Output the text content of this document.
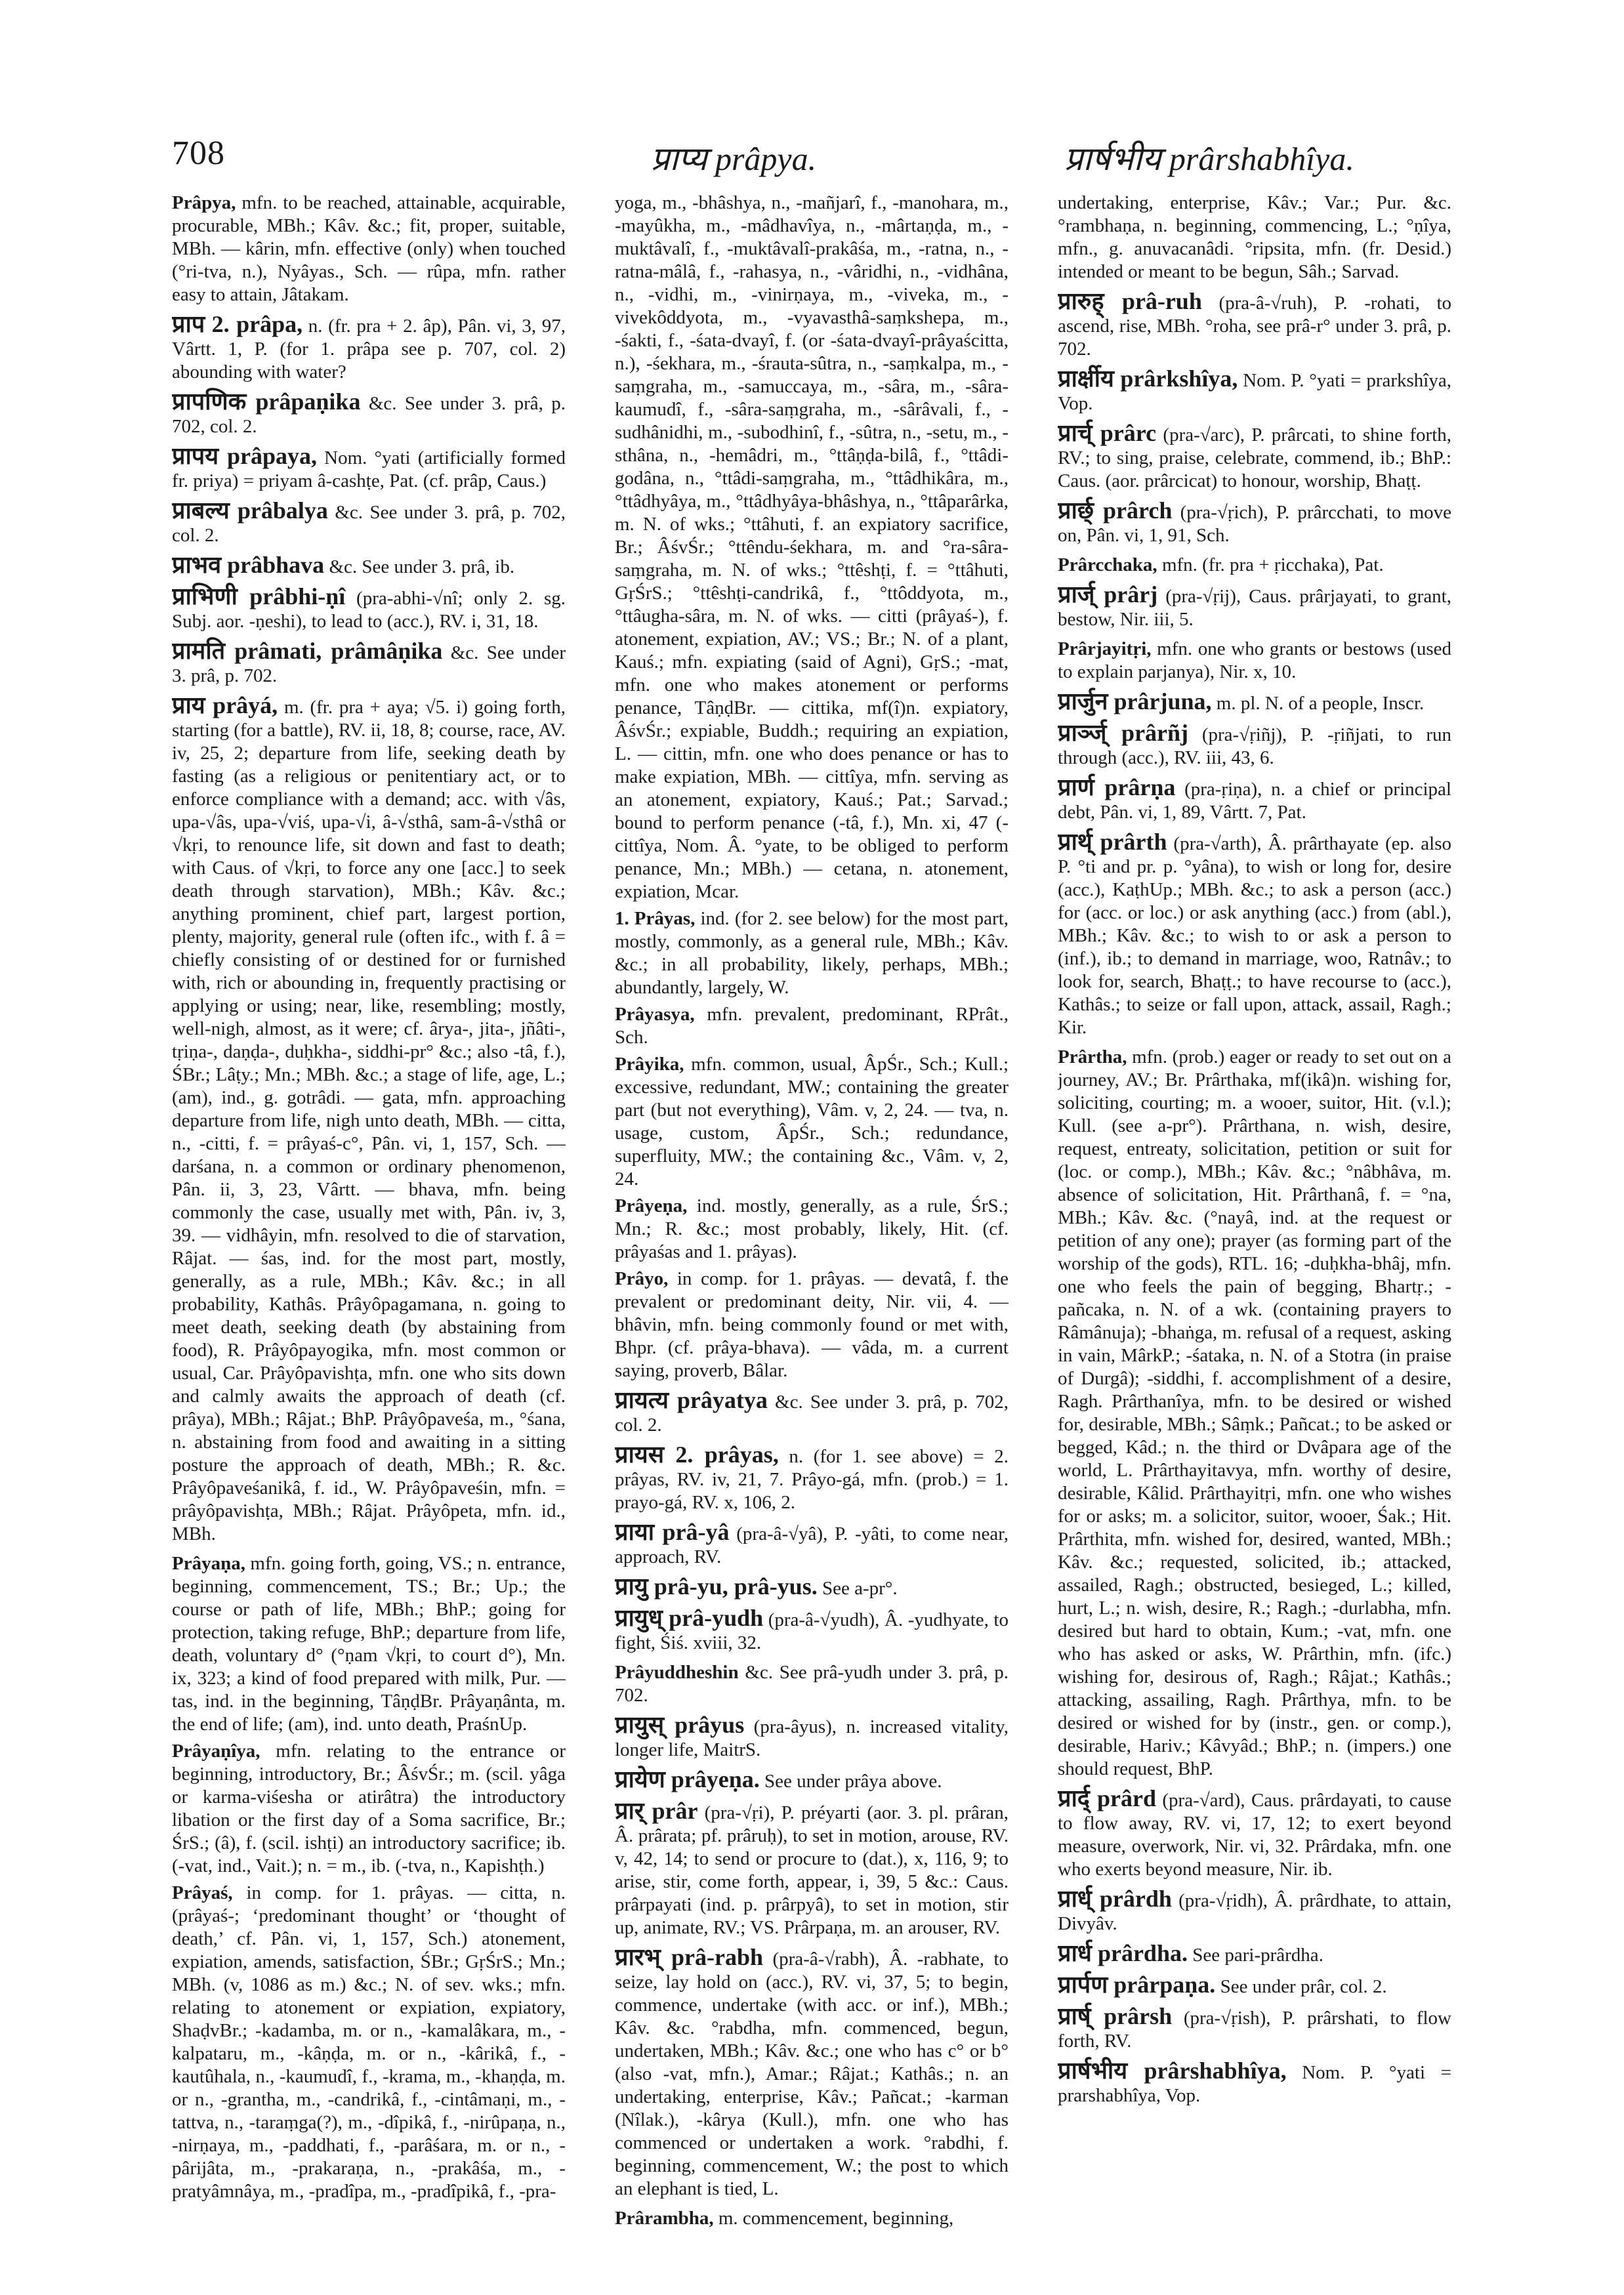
708	प्राप्य prâpya.	प्रार्षभीय prârshabhîya.

Prâpya, mfn. to be reached, attainable, acquirable, procurable, MBh.; Kâv. &c.; fit, proper, suitable, MBh. — kârin, mfn. effective (only) when touched (°ri-tva, n.), Nyâyas., Sch. — rûpa, mfn. rather easy to attain, Jâtakam.

प्राप 2. prâpa, n. (fr. pra + 2. âp), Pân. vi, 3, 97, Vârtt. 1, P. (for 1. prâpa see p. 707, col. 2) abounding with water?

प्रापणिक prâpaṇika &c. See under 3. prâ, p. 702, col. 2.

प्रापय prâpaya, Nom. °yati (artificially formed fr. priya) = priyam â-cashṭe, Pat. (cf. prâp, Caus.)

प्राबल्य prâbalya &c. See under 3. prâ, p. 702, col. 2.

प्राभव prâbhava &c. See under 3. prâ, ib.

प्राभिणी prâbhi-ṇî (pra-abhi-√nî; only 2. sg. Subj. aor. -ṇeshi), to lead to (acc.), RV. i, 31, 18.

प्रामति prâmati, prâmâṇika &c. See under 3. prâ, p. 702.

प्राय prâyá, m. (fr. pra + aya; √5. i) going forth, starting (for a battle), RV. ii, 18, 8; course, race, AV. iv, 25, 2; departure from life, seeking death by fasting (as a religious or penitentiary act, or to enforce compliance with a demand; acc. with √âs, upa-√âs, upa-√viś, upa-√i, â-√sthâ, sam-â-√sthâ or √kṛi, to renounce life, sit down and fast to death; with Caus. of √kṛi, to force any one [acc.] to seek death through starvation), MBh.; Kâv. &c.; anything prominent, chief part, largest portion, plenty, majority, general rule (often ifc., with f. â = chiefly consisting of or destined for or furnished with, rich or abounding in, frequently practising or applying or using; near, like, resembling; mostly, well-nigh, almost, as it were; cf. ârya-, jita-, jñâti-, tṛiṇa-, daṇḍa-, duḥkha-, siddhi-pr° &c.; also -tâ, f.), ŚBr.; Lâṭy.; Mn.; MBh. &c.; a stage of life, age, L.; (am), ind., g. gotrâdi. — gata, mfn. approaching departure from life, nigh unto death, MBh. — citta, n., -citti, f. = prâyaś-c°, Pân. vi, 1, 157, Sch. — darśana, n. a common or ordinary phenomenon, Pân. ii, 3, 23, Vârtt. — bhava, mfn. being commonly the case, usually met with, Pân. iv, 3, 39. — vidhâyin, mfn. resolved to die of starvation, Râjat. — śas, ind. for the most part, mostly, generally, as a rule, MBh.; Kâv. &c.; in all probability, Kathâs. Prâyôpagamana, n. going to meet death, seeking death (by abstaining from food), R. Prâyôpayogika, mfn. most common or usual, Car. Prâyôpavishṭa, mfn. one who sits down and calmly awaits the approach of death (cf. prâya), MBh.; Râjat.; BhP. Prâyôpaveśa, m., °śana, n. abstaining from food and awaiting in a sitting posture the approach of death, MBh.; R. &c. Prâyôpaveśanikâ, f. id., W. Prâyôpaveśin, mfn. = prâyôpavishṭa, MBh.; Râjat. Prâyôpeta, mfn. id., MBh.

Prâyaṇa, mfn. going forth, going, VS.; n. entrance, beginning, commencement, TS.; Br.; Up.; the course or path of life, MBh.; BhP.; going for protection, taking refuge, BhP.; departure from life, death, voluntary d° (°ṇam √kṛi, to court d°), Mn. ix, 323; a kind of food prepared with milk, Pur. — tas, ind. in the beginning, TâṇḍBr. Prâyaṇânta, m. the end of life; (am), ind. unto death, PraśnUp.

Prâyaṇîya, mfn. relating to the entrance or beginning, introductory, Br.; ÂśvŚr.; m. (scil. yâga or karma-viśesha or atirâtra) the introductory libation or the first day of a Soma sacrifice, Br.; ŚrS.; (â), f. (scil. ishṭi) an introductory sacrifice; ib. (-vat, ind., Vait.); n. = m., ib. (-tva, n., Kapishṭh.)

Prâyaś, in comp. for 1. prâyas. — citta, n. (prâyaś-; ‘predominant thought’ or ‘thought of death,’ cf. Pân. vi, 1, 157, Sch.) atonement, expiation, amends, satisfaction, ŚBr.; GṛŚrS.; Mn.; MBh. (v, 1086 as m.) &c.; N. of sev. wks.; mfn. relating to atonement or expiation, expiatory, ShaḍvBr.; -kadamba, m. or n., -kamalâkara, m., -kalpataru, m., -kâṇḍa, m. or n., -kârikâ, f., -kautûhala, n., -kaumudî, f., -krama, m., -khaṇḍa, m. or n., -grantha, m., -candrikâ, f., -cintâmaṇi, m., -tattva, n., -taraṃga(?), m., -dîpikâ, f., -nirûpaṇa, n., -nirṇaya, m., -paddhati, f., -parâśara, m. or n., -pârijâta, m., -prakaraṇa, n., -prakâśa, m., -pratyâmnâya, m., -pradîpa, m., -pradîpikâ, f., -pra-

yoga, m., -bhâshya, n., -mañjarî, f., -manohara, m., -mayûkha, m., -mâdhavîya, n., -mârtaṇḍa, m., -muktâvalî, f., -muktâvalî-prakâśa, m., -ratna, n., -ratna-mâlâ, f., -rahasya, n., -vâridhi, n., -vidhâna, n., -vidhi, m., -vinirṇaya, m., -viveka, m., -vivekôddyota, m., -vyavasthâ-saṃkshepa, m., -śakti, f., -śata-dvayî, f. (or -śata-dvayî-prâyaścitta, n.), -śekhara, m., -śrauta-sûtra, n., -saṃkalpa, m., -saṃgraha, m., -samuccaya, m., -sâra, m., -sâra-kaumudî, f., -sâra-saṃgraha, m., -sârâvali, f., -sudhânidhi, m., -subodhinî, f., -sûtra, n., -setu, m., -sthâna, n., -hemâdri, m., °ttâṇḍa-bilâ, f., °ttâdi-godâna, n., °ttâdi-saṃgraha, m., °ttâdhikâra, m., °ttâdhyâya, m., °ttâdhyâya-bhâshya, n., °ttâparârka, m. N. of wks.; °ttâhuti, f. an expiatory sacrifice, Br.; ÂśvŚr.; °ttêndu-śekhara, m. and °ra-sâra-saṃgraha, m. N. of wks.; °ttêshṭi, f. = °ttâhuti, GṛŚrS.; °ttêshṭi-candrikâ, f., °ttôddyota, m., °ttâugha-sâra, m. N. of wks. — citti (prâyaś-), f. atonement, expiation, AV.; VS.; Br.; N. of a plant, Kauś.; mfn. expiating (said of Agni), GṛS.; -mat, mfn. one who makes atonement or performs penance, TâṇḍBr. — cittika, mf(î)n. expiatory, ÂśvŚr.; expiable, Buddh.; requiring an expiation, L. — cittin, mfn. one who does penance or has to make expiation, MBh. — cittîya, mfn. serving as an atonement, expiatory, Kauś.; Pat.; Sarvad.; bound to perform penance (-tâ, f.), Mn. xi, 47 (-cittîya, Nom. Â. °yate, to be obliged to perform penance, Mn.; MBh.) — cetana, n. atonement, expiation, Mcar.

1. Prâyas, ind. (for 2. see below) for the most part, mostly, commonly, as a general rule, MBh.; Kâv. &c.; in all probability, likely, perhaps, MBh.; abundantly, largely, W.

Prâyasya, mfn. prevalent, predominant, RPrât., Sch.

Prâyika, mfn. common, usual, ÂpŚr., Sch.; Kull.; excessive, redundant, MW.; containing the greater part (but not everything), Vâm. v, 2, 24. — tva, n. usage, custom, ÂpŚr., Sch.; redundance, superfluity, MW.; the containing &c., Vâm. v, 2, 24.

Prâyeṇa, ind. mostly, generally, as a rule, ŚrS.; Mn.; R. &c.; most probably, likely, Hit. (cf. prâyaśas and 1. prâyas).

Prâyo, in comp. for 1. prâyas. — devatâ, f. the prevalent or predominant deity, Nir. vii, 4. — bhâvin, mfn. being commonly found or met with, Bhpr. (cf. prâya-bhava). — vâda, m. a current saying, proverb, Bâlar.

प्रायत्य prâyatya &c. See under 3. prâ, p. 702, col. 2.

प्रायस 2. prâyas, n. (for 1. see above) = 2. prâyas, RV. iv, 21, 7. Prâyo-gá, mfn. (prob.) = 1. prayo-gá, RV. x, 106, 2.

प्राया prâ-yâ (pra-â-√yâ), P. -yâti, to come near, approach, RV.

प्रायु prâ-yu, prâ-yus. See a-pr°.

प्रायुध् prâ-yudh (pra-â-√yudh), Â. -yudhyate, to fight, Śiś. xviii, 32.

Prâyuddheshin &c. See prâ-yudh under 3. prâ, p. 702.

प्रायुस् prâyus (pra-âyus), n. increased vitality, longer life, MaitrS.

प्रायेण prâyeṇa. See under prâya above.

प्रार् prâr (pra-√ṛi), P. préyarti (aor. 3. pl. prâran, Â. prârata; pf. prâruḥ), to set in motion, arouse, RV. v, 42, 14; to send or procure to (dat.), x, 116, 9; to arise, stir, come forth, appear, i, 39, 5 &c.: Caus. prârpayati (ind. p. prârpyâ), to set in motion, stir up, animate, RV.; VS. Prârpaṇa, m. an arouser, RV.

प्रारभ् prâ-rabh (pra-â-√rabh), Â. -rabhate, to seize, lay hold on (acc.), RV. vi, 37, 5; to begin, commence, undertake (with acc. or inf.), MBh.; Kâv. &c. °rabdha, mfn. commenced, begun, undertaken, MBh.; Kâv. &c.; one who has c° or b° (also -vat, mfn.), Amar.; Râjat.; Kathâs.; n. an undertaking, enterprise, Kâv.; Pañcat.; -karman (Nîlak.), -kârya (Kull.), mfn. one who has commenced or undertaken a work. °rabdhi, f. beginning, commencement, W.; the post to which an elephant is tied, L.

Prârambha, m. commencement, beginning,

undertaking, enterprise, Kâv.; Var.; Pur. &c. °rambhaṇa, n. beginning, commencing, L.; °ṇîya, mfn., g. anuvacanâdi. °ripsita, mfn. (fr. Desid.) intended or meant to be begun, Sâh.; Sarvad.

प्रारुह् prâ-ruh (pra-â-√ruh), P. -rohati, to ascend, rise, MBh. °roha, see prâ-r° under 3. prâ, p. 702.

प्रार्क्षीय prârkshîya, Nom. P. °yati = prarkshîya, Vop.

प्रार्च् prârc (pra-√arc), P. prârcati, to shine forth, RV.; to sing, praise, celebrate, commend, ib.; BhP.: Caus. (aor. prârcicat) to honour, worship, Bhaṭṭ.

प्रार्छ् prârch (pra-√ṛich), P. prârcchati, to move on, Pân. vi, 1, 91, Sch.

Prârcchaka, mfn. (fr. pra + ṛicchaka), Pat.

प्रार्ज् prârj (pra-√ṛij), Caus. prârjayati, to grant, bestow, Nir. iii, 5.

Prârjayitṛi, mfn. one who grants or bestows (used to explain parjanya), Nir. x, 10.

प्रार्जुन prârjuna, m. pl. N. of a people, Inscr.

प्रार्ञ्ज् prârñj (pra-√ṛiñj), P. -ṛiñjati, to run through (acc.), RV. iii, 43, 6.

प्रार्ण prârṇa (pra-ṛiṇa), n. a chief or principal debt, Pân. vi, 1, 89, Vârtt. 7, Pat.

प्रार्थ् prârth (pra-√arth), Â. prârthayate (ep. also P. °ti and pr. p. °yâna), to wish or long for, desire (acc.), KaṭhUp.; MBh. &c.; to ask a person (acc.) for (acc. or loc.) or ask anything (acc.) from (abl.), MBh.; Kâv. &c.; to wish to or ask a person to (inf.), ib.; to demand in marriage, woo, Ratnâv.; to look for, search, Bhaṭṭ.; to have recourse to (acc.), Kathâs.; to seize or fall upon, attack, assail, Ragh.; Kir.

Prârtha, mfn. (prob.) eager or ready to set out on a journey, AV.; Br. Prârthaka, mf(ikâ)n. wishing for, soliciting, courting; m. a wooer, suitor, Hit. (v.l.); Kull. (see a-pr°). Prârthana, n. wish, desire, request, entreaty, solicitation, petition or suit for (loc. or comp.), MBh.; Kâv. &c.; °nâbhâva, m. absence of solicitation, Hit. Prârthanâ, f. = °na, MBh.; Kâv. &c. (°nayâ, ind. at the request or petition of any one); prayer (as forming part of the worship of the gods), RTL. 16; -duḥkha-bhâj, mfn. one who feels the pain of begging, Bhartṛ.; -pañcaka, n. N. of a wk. (containing prayers to Râmânuja); -bhaṅga, m. refusal of a request, asking in vain, MârkP.; -śataka, n. N. of a Stotra (in praise of Durgâ); -siddhi, f. accomplishment of a desire, Ragh. Prârthanîya, mfn. to be desired or wished for, desirable, MBh.; Sâṃk.; Pañcat.; to be asked or begged, Kâd.; n. the third or Dvâpara age of the world, L. Prârthayitavya, mfn. worthy of desire, desirable, Kâlid. Prârthayitṛi, mfn. one who wishes for or asks; m. a solicitor, suitor, wooer, Śak.; Hit. Prârthita, mfn. wished for, desired, wanted, MBh.; Kâv. &c.; requested, solicited, ib.; attacked, assailed, Ragh.; obstructed, besieged, L.; killed, hurt, L.; n. wish, desire, R.; Ragh.; -durlabha, mfn. desired but hard to obtain, Kum.; -vat, mfn. one who has asked or asks, W. Prârthin, mfn. (ifc.) wishing for, desirous of, Ragh.; Râjat.; Kathâs.; attacking, assailing, Ragh. Prârthya, mfn. to be desired or wished for by (instr., gen. or comp.), desirable, Hariv.; Kâvyâd.; BhP.; n. (impers.) one should request, BhP.

प्रार्द् prârd (pra-√ard), Caus. prârdayati, to cause to flow away, RV. vi, 17, 12; to exert beyond measure, overwork, Nir. vi, 32. Prârdaka, mfn. one who exerts beyond measure, Nir. ib.

प्रार्ध् prârdh (pra-√ṛidh), Â. prârdhate, to attain, Divyâv.

प्रार्ध prârdha. See pari-prârdha.

प्रार्पण prârpaṇa. See under prâr, col. 2.

प्रार्ष् prârsh (pra-√ṛish), P. prârshati, to flow forth, RV.

प्रार्षभीय prârshabhîya, Nom. P. °yati = prarshabhîya, Vop.
